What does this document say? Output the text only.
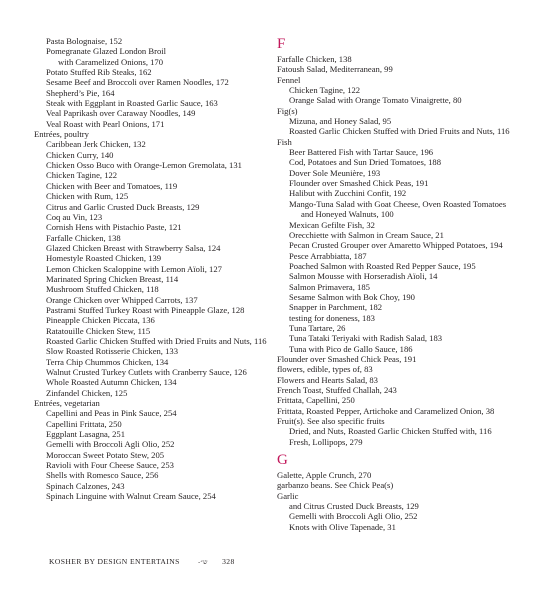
Pasta Bolognaise, 152
Pomegranate Glazed London Broil
with Caramelized Onions, 170
Potato Stuffed Rib Steaks, 162
Sesame Beef and Broccoli over Ramen Noodles, 172
Shepherd’s Pie, 164
Steak with Eggplant in Roasted Garlic Sauce, 163
Veal Paprikash over Caraway Noodles, 149
Veal Roast with Pearl Onions, 171
Entrées, poultry
Caribbean Jerk Chicken, 132
Chicken Curry, 140
Chicken Osso Buco with Orange-Lemon Gremolata, 131
Chicken Tagine, 122
Chicken with Beer and Tomatoes, 119
Chicken with Rum, 125
Citrus and Garlic Crusted Duck Breasts, 129
Coq au Vin, 123
Cornish Hens with Pistachio Paste, 121
Farfalle Chicken, 138
Glazed Chicken Breast with Strawberry Salsa, 124
Homestyle Roasted Chicken, 139
Lemon Chicken Scaloppine with Lemon Aïoli, 127
Marinated Spring Chicken Breast, 114
Mushroom Stuffed Chicken, 118
Orange Chicken over Whipped Carrots, 137
Pastrami Stuffed Turkey Roast with Pineapple Glaze, 128
Pineapple Chicken Piccata, 136
Ratatouille Chicken Stew, 115
Roasted Garlic Chicken Stuffed with Dried Fruits and Nuts, 116
Slow Roasted Rotisserie Chicken, 133
Terra Chip Chummos Chicken, 134
Walnut Crusted Turkey Cutlets with Cranberry Sauce, 126
Whole Roasted Autumn Chicken, 134
Zinfandel Chicken, 125
Entrées, vegetarian
Capellini and Peas in Pink Sauce, 254
Capellini Frittata, 250
Eggplant Lasagna, 251
Gemelli with Broccoli Agli Olio, 252
Moroccan Sweet Potato Stew, 205
Ravioli with Four Cheese Sauce, 253
Shells with Romesco Sauce, 256
Spinach Calzones, 243
Spinach Linguine with Walnut Cream Sauce, 254
F
Farfalle Chicken, 138
Fatoush Salad, Mediterranean, 99
Fennel
Chicken Tagine, 122
Orange Salad with Orange Tomato Vinaigrette, 80
Fig(s)
Mizuna, and Honey Salad, 95
Roasted Garlic Chicken Stuffed with Dried Fruits and Nuts, 116
Fish
Beer Battered Fish with Tartar Sauce, 196
Cod, Potatoes and Sun Dried Tomatoes, 188
Dover Sole Meunière, 193
Flounder over Smashed Chick Peas, 191
Halibut with Zucchini Confit, 192
Mango-Tuna Salad with Goat Cheese, Oven Roasted Tomatoes
and Honeyed Walnuts, 100
Mexican Gefilte Fish, 32
Orecchiette with Salmon in Cream Sauce, 21
Pecan Crusted Grouper over Amaretto Whipped Potatoes, 194
Pesce Arrabbiatta, 187
Poached Salmon with Roasted Red Pepper Sauce, 195
Salmon Mousse with Horseradish Aïoli, 14
Salmon Primavera, 185
Sesame Salmon with Bok Choy, 190
Snapper in Parchment, 182
testing for doneness, 183
Tuna Tartare, 26
Tuna Tataki Teriyaki with Radish Salad, 183
Tuna with Pico de Gallo Sauce, 186
Flounder over Smashed Chick Peas, 191
flowers, edible, types of, 83
Flowers and Hearts Salad, 83
French Toast, Stuffed Challah, 243
Frittata, Capellini, 250
Frittata, Roasted Pepper, Artichoke and Caramelized Onion, 38
Fruit(s). See also specific fruits
Dried, and Nuts, Roasted Garlic Chicken Stuffed with, 116
Fresh, Lollipops, 279
G
Galette, Apple Crunch, 270
garbanzo beans. See Chick Pea(s)
Garlic
and Citrus Crusted Duck Breasts, 129
Gemelli with Broccoli Agli Olio, 252
Knots with Olive Tapenade, 31
KOSHER BY DESIGN ENTERTAINS	-ש״ 328
